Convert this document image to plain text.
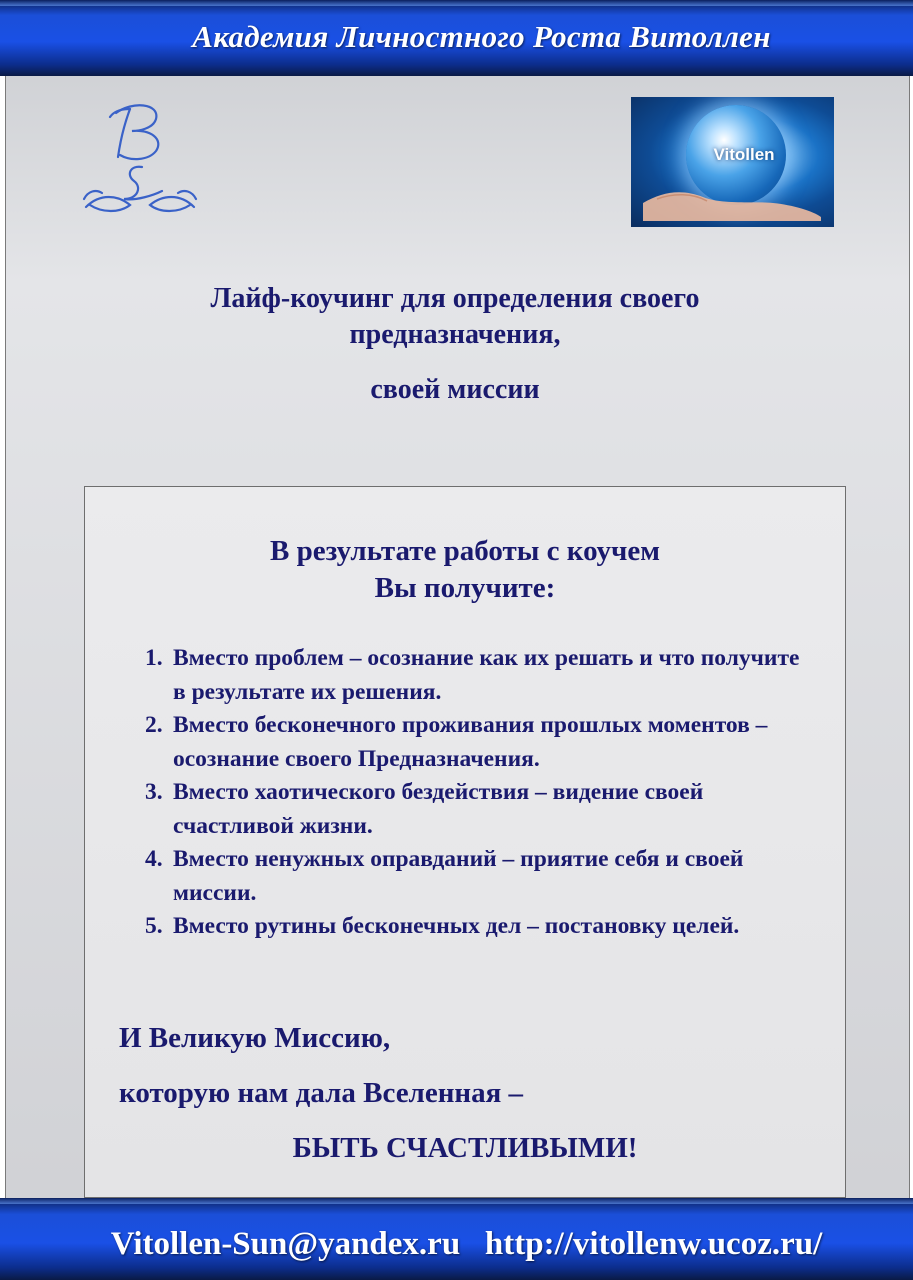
Академия Личностного Роста Витоллен
Vitollen
Лайф-коучинг для определения своего
предназначения,
своей миссии
В результате работы с коучем
Вы получите:
1. Вместо проблем – осознание как их решать и что получите в результате их решения.
2. Вместо бесконечного проживания прошлых моментов – осознание своего Предназначения.
3. Вместо хаотического бездействия – видение своей счастливой жизни.
4. Вместо ненужных оправданий – приятие себя и своей миссии.
5. Вместо рутины бесконечных дел – постановку целей.
И Великую Миссию,
которую нам дала Вселенная –
БЫТЬ СЧАСТЛИВЫМИ!
Vitollen-Sun@yandex.ru http://vitollenw.ucoz.ru/
